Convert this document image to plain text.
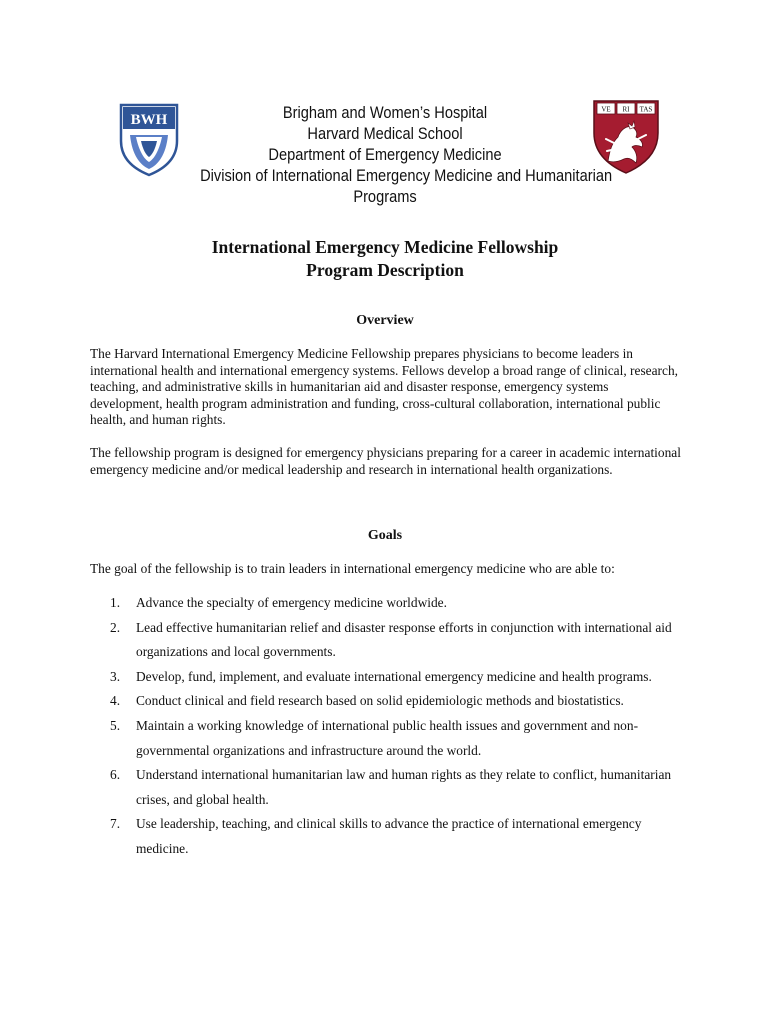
BWH	Brigham and Women’s Hospital
Harvard Medical School
Department of Emergency Medicine
Division of International Emergency Medicine and Humanitarian
Programs
VE RI TAS
International Emergency Medicine Fellowship
Program Description
Overview
The Harvard International Emergency Medicine Fellowship prepares physicians to become leaders in international health and international emergency systems. Fellows develop a broad range of clinical, research, teaching, and administrative skills in humanitarian aid and disaster response, emergency systems development, health program administration and funding, cross-cultural collaboration, international public health, and human rights.
The fellowship program is designed for emergency physicians preparing for a career in academic international emergency medicine and/or medical leadership and research in international health organizations.
Goals
The goal of the fellowship is to train leaders in international emergency medicine who are able to:
1. Advance the specialty of emergency medicine worldwide.
2. Lead effective humanitarian relief and disaster response efforts in conjunction with international aid organizations and local governments.
3. Develop, fund, implement, and evaluate international emergency medicine and health programs.
4. Conduct clinical and field research based on solid epidemiologic methods and biostatistics.
5. Maintain a working knowledge of international public health issues and government and non-governmental organizations and infrastructure around the world.
6. Understand international humanitarian law and human rights as they relate to conflict, humanitarian crises, and global health.
7. Use leadership, teaching, and clinical skills to advance the practice of international emergency medicine.
